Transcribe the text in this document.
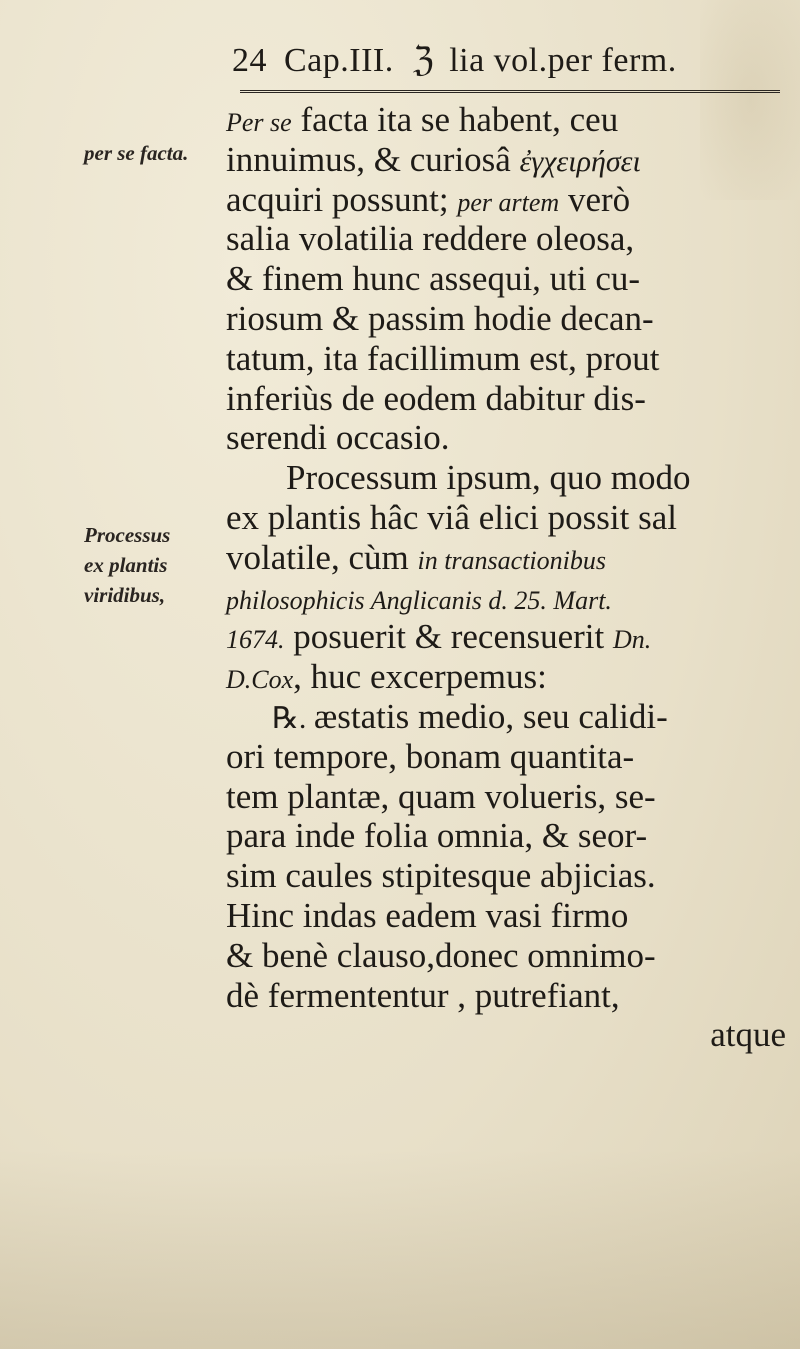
24 Cap.III. ℨ lia vol.per ferm.
per se facta.
Processus
ex plantis
viridibus,
Per se facta ita se habent, ceu
innuimus, & curiosâ ἐγχειρήσει
acquiri possunt; per artem verò
salia volatilia reddere oleosa,
& finem hunc assequi, uti cu-
riosum & passim hodie decan-
tatum, ita facillimum est, prout
inferiùs de eodem dabitur dis-
serendi occasio.
Processum ipsum, quo modo
ex plantis hâc viâ elici possit sal
volatile, cùm in transactionibus
philosophicis Anglicanis d. 25. Mart.
1674. posuerit & recensuerit Dn.
D.Cox, huc excerpemus:
℞. æstatis medio, seu calidi-
ori tempore, bonam quantita-
tem plantæ, quam volueris, se-
para inde folia omnia, & seor-
sim caules stipitesque abjicias.
Hinc indas eadem vasi firmo
& benè clauso,donec omnimo-
dè fermententur , putrefiant,
atque
